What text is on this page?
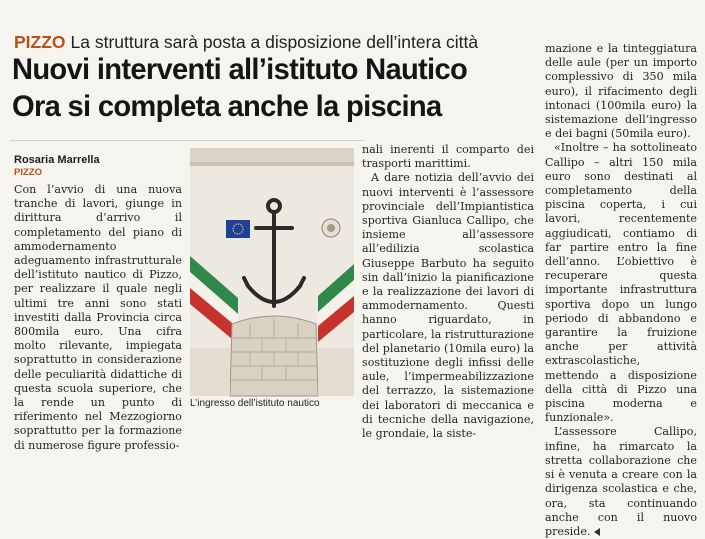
PIZZO La struttura sarà posta a disposizione dell’intera città
Nuovi interventi all’istituto Nautico
Ora si completa anche la piscina
Rosaria Marrella
PIZZO

Con l’avvio di una nuova tranche di lavori, giunge in dirittura d’arrivo il completamento del piano di ammodernamento adeguamento infrastrutturale dell’istituto nautico di Pizzo, per realizzare il quale negli ultimi tre anni sono stati investiti dalla Provincia circa 800mila euro. Una cifra molto rilevante, impiegata soprattutto in considerazione delle peculiarità didattiche di questa scuola superiore, che la rende un punto di riferimento nel Mezzogiorno soprattutto per la formazione di numerose figure professio-

L’ingresso dell’istituto nautico

nali inerenti il comparto dei trasporti marittimi.

A dare notizia dell’avvio dei nuovi interventi è l’assessore provinciale dell’Impiantistica sportiva Gianluca Callipo, che insieme all’assessore all’edilizia scolastica Giuseppe Barbuto ha seguito sin dall’inizio la pianificazione e la realizzazione dei lavori di ammodernamento. Questi hanno riguardato, in particolare, la ristrutturazione del planetario (10mila euro) la sostituzione degli infissi delle aule, l’impermeabilizzazione del terrazzo, la sistemazione dei laboratori di meccanica e di tecniche della navigazione, le grondaie, la siste-

mazione e la tinteggiatura delle aule (per un importo complessivo di 350 mila euro), il rifacimento degli intonaci (100mila euro) la sistemazione dell’ingresso e dei bagni (50mila euro).

«Inoltre – ha sottolineato Callipo – altri 150 mila euro sono destinati al completamento della piscina coperta, i cui lavori, recentemente aggiudicati, contiamo di far partire entro la fine dell’anno. L’obiettivo è recuperare questa importante infrastruttura sportiva dopo un lungo periodo di abbandono e garantire la fruizione anche per attività extrascolastiche, mettendo a disposizione della città di Pizzo una piscina moderna e funzionale».

L’assessore Callipo, infine, ha rimarcato la stretta collaborazione che si è venuta a creare con la dirigenza scolastica e che, ora, sta continuando anche con il nuovo preside.
